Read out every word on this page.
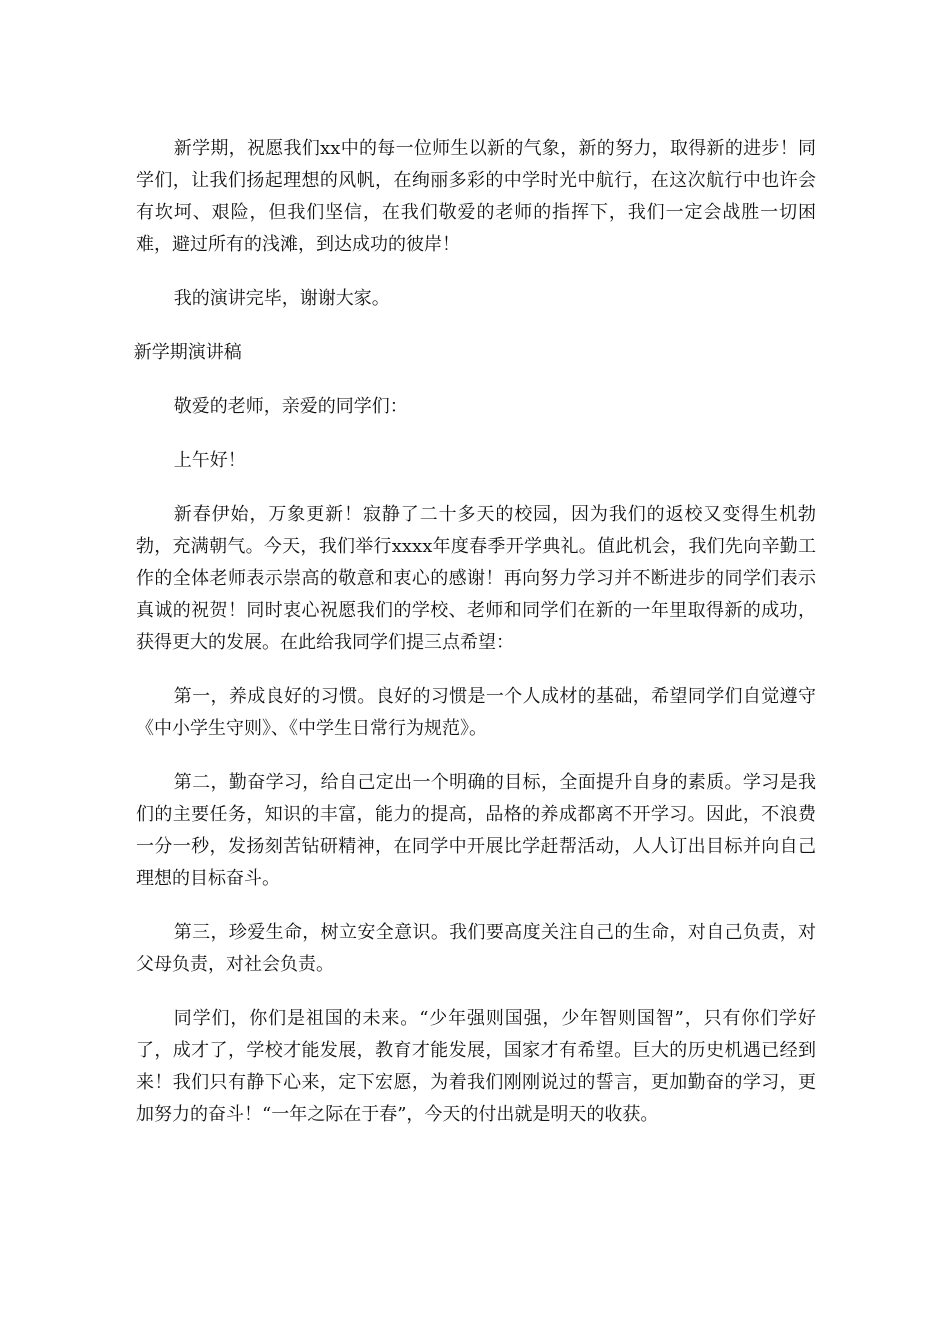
新学期，祝愿我们xx中的每一位师生以新的气象，新的努力，取得新的进步！同学们，让我们扬起理想的风帆，在绚丽多彩的中学时光中航行，在这次航行中也许会有坎坷、艰险，但我们坚信，在我们敬爱的老师的指挥下，我们一定会战胜一切困难，避过所有的浅滩，到达成功的彼岸！

我的演讲完毕，谢谢大家。

新学期演讲稿

敬爱的老师，亲爱的同学们：

上午好！

新春伊始，万象更新！寂静了二十多天的校园，因为我们的返校又变得生机勃勃，充满朝气。今天，我们举行xxxx年度春季开学典礼。值此机会，我们先向辛勤工作的全体老师表示崇高的敬意和衷心的感谢！再向努力学习并不断进步的同学们表示真诚的祝贺！同时衷心祝愿我们的学校、老师和同学们在新的一年里取得新的成功，获得更大的发展。在此给我同学们提三点希望：

第一，养成良好的习惯。良好的习惯是一个人成材的基础，希望同学们自觉遵守《中小学生守则》、《中学生日常行为规范》。

第二，勤奋学习，给自己定出一个明确的目标，全面提升自身的素质。学习是我们的主要任务，知识的丰富，能力的提高，品格的养成都离不开学习。因此，不浪费一分一秒，发扬刻苦钻研精神，在同学中开展比学赶帮活动，人人订出目标并向自己理想的目标奋斗。

第三，珍爱生命，树立安全意识。我们要高度关注自己的生命，对自己负责，对父母负责，对社会负责。

同学们，你们是祖国的未来。“少年强则国强，少年智则国智”，只有你们学好了，成才了，学校才能发展，教育才能发展，国家才有希望。巨大的历史机遇已经到来！我们只有静下心来，定下宏愿，为着我们刚刚说过的誓言，更加勤奋的学习，更加努力的奋斗！“一年之际在于春”，今天的付出就是明天的收获。
